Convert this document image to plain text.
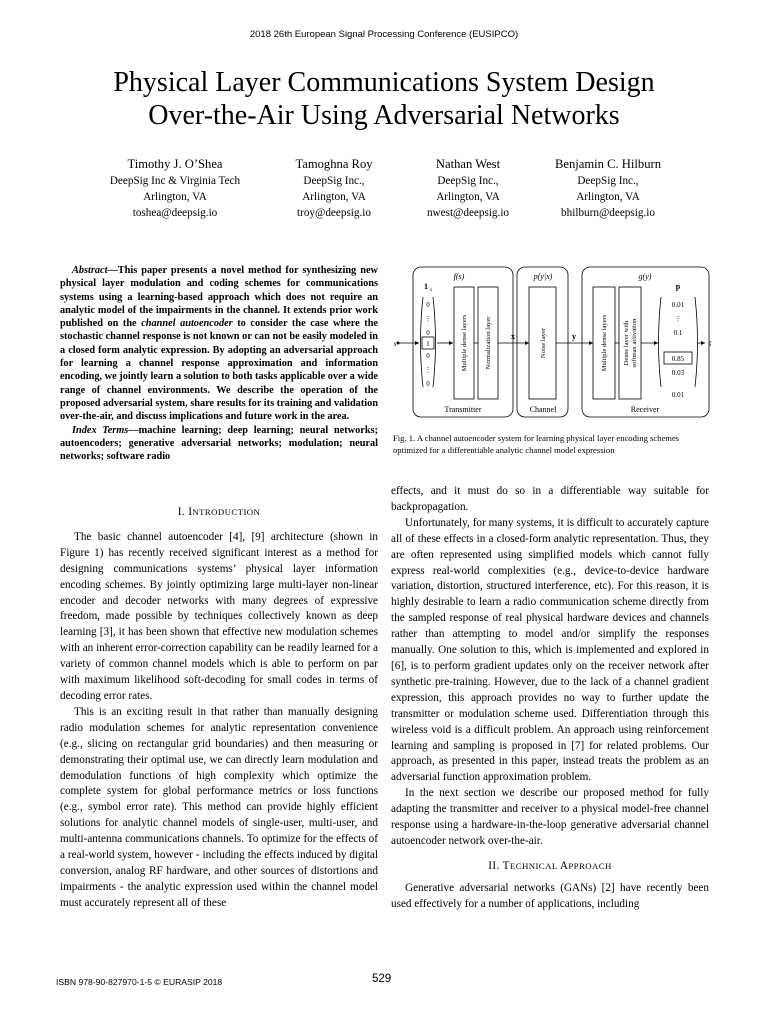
2018 26th European Signal Processing Conference (EUSIPCO)
Physical Layer Communications System Design
Over-the-Air Using Adversarial Networks
Timothy J. O’Shea
DeepSig Inc & Virginia Tech
Arlington, VA
toshea@deepsig.io
Tamoghna Roy
DeepSig Inc.,
Arlington, VA
troy@deepsig.io
Nathan West
DeepSig Inc.,
Arlington, VA
nwest@deepsig.io
Benjamin C. Hilburn
DeepSig Inc.,
Arlington, VA
bhilburn@deepsig.io

Abstract—This paper presents a novel method for synthesizing new physical layer modulation and coding schemes for communications systems using a learning-based approach which does not require an analytic model of the impairments in the channel. It extends prior work published on the channel autoencoder to consider the case where the stochastic channel response is not known or can not be easily modeled in a closed form analytic expression. By adopting an adversarial approach for learning a channel response approximation and information encoding, we jointly learn a solution to both tasks applicable over a wide range of channel environments. We describe the operation of the proposed adversarial system, share results for its training and validation over-the-air, and discuss implications and future work in the area.

Index Terms—machine learning; deep learning; neural networks; autoencoders; generative adversarial networks; modulation; neural networks; software radio

I. INTRODUCTION

The basic channel autoencoder [4], [9] architecture (shown in Figure 1) has recently received significant interest as a method for designing communications systems’ physical layer information encoding schemes. By jointly optimizing large multi-layer non-linear encoder and decoder networks with many degrees of expressive freedom, made possible by techniques collectively known as deep learning [3], it has been shown that effective new modulation schemes with an inherent error-correction capability can be readily learned for a variety of common channel models which is able to perform on par with maximum likelihood soft-decoding for small codes in terms of decoding error rates.

This is an exciting result in that rather than manually designing radio modulation schemes for analytic representation convenience (e.g., slicing on rectangular grid boundaries) and then measuring or demonstrating their optimal use, we can directly learn modulation and demodulation functions of high complexity which optimize the complete system for global performance metrics or loss functions (e.g., symbol error rate). This method can provide highly efficient solutions for analytic channel models of single-user, multi-user, and multi-antenna communications channels. To optimize for the effects of a real-world system, however - including the effects induced by digital conversion, analog RF hardware, and other sources of distortions and impairments - the analytic expression used within the channel model must accurately represent all of these

f(s)	p(y|x)	g(y)
1 s	p
s
x	y
ŝ
0
⋮
0
1
0
⋮
0
0.01
⋮
0.1
0.85
0.03
0.01
Multiple dense layers	Normalization layer	Noise layer	Multiple dense layers Dense layer with softmax activation
Transmitter	Channel	Receiver
Fig. 1. A channel autoencoder system for learning physical layer encoding schemes optimized for a differentiable analytic channel model expression

effects, and it must do so in a differentiable way suitable for backpropagation.

Unfortunately, for many systems, it is difficult to accurately capture all of these effects in a closed-form analytic representation. Thus, they are often represented using simplified models which cannot fully express real-world complexities (e.g., device-to-device hardware variation, distortion, structured interference, etc). For this reason, it is highly desirable to learn a radio communication scheme directly from the sampled response of real physical hardware devices and channels rather than attempting to model and/or simplify the responses manually. One solution to this, which is implemented and explored in [6], is to perform gradient updates only on the receiver network after synthetic pre-training. However, due to the lack of a channel gradient expression, this approach provides no way to further update the transmitter or modulation scheme used. Differentiation through this wireless void is a difficult problem. An approach using reinforcement learning and sampling is proposed in [7] for related problems. Our approach, as presented in this paper, instead treats the problem as an adversarial function approximation problem.

In the next section we describe our proposed method for fully adapting the transmitter and receiver to a physical model-free channel response using a hardware-in-the-loop generative adversarial channel autoencoder network over-the-air.

II. TECHNICAL APPROACH

Generative adversarial networks (GANs) [2] have recently been used effectively for a number of applications, including

ISBN 978-90-827970-1-5 © EURASIP 2018	529
